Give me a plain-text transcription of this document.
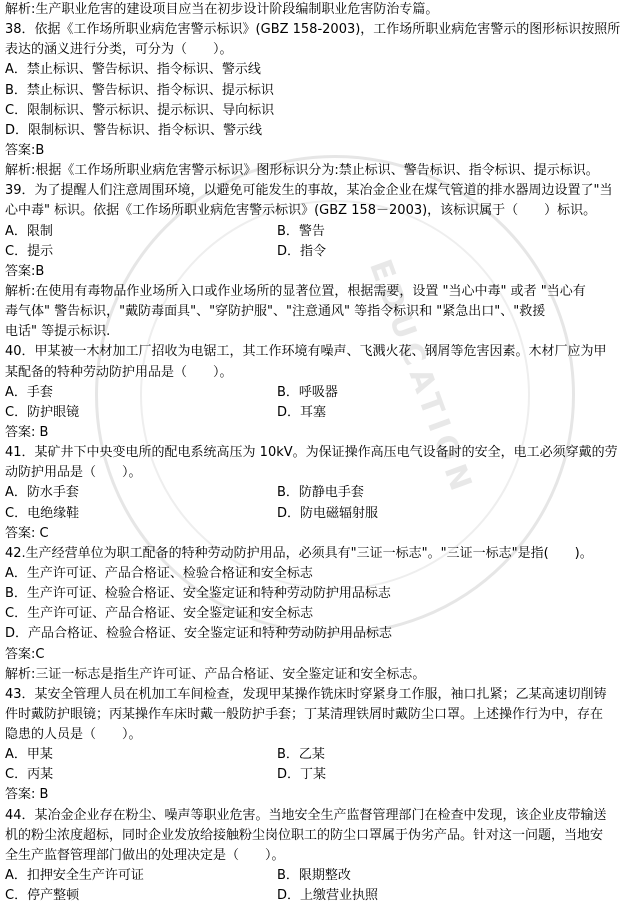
EDUCATION
解析:生产职业危害的建设项目应当在初步设计阶段编制职业危害防治专篇。
38．依据《工作场所职业病危害警示标识》(GBZ 158-2003)，工作场所职业病危害警示的图形标识按照所
表达的涵义进行分类，可分为（　　）。
A．禁止标识、警告标识、指令标识、警示线
B．禁止标识、警告标识、指令标识、提示标识
C．限制标识、警示标识、提示标识、导向标识
D．限制标识、警告标识、指令标识、警示线
答案:B
解析:根据《工作场所职业病危害警示标识》图形标识分为:禁止标识、警告标识、指令标识、提示标识。
39．为了提醒人们注意周围环境，以避免可能发生的事故，某冶金企业在煤气管道的排水器周边设置了"当
心中毒" 标识。依据《工作场所职业病危害警示标识》(GBZ 158－2003)，该标识属于（　　）标识。
A．限制	B．警告
C．提示	D．指令
答案:B
解析:在使用有毒物品作业场所入口或作业场所的显著位置，根据需要，设置 "当心中毒" 或者 "当心有
毒气体" 警告标识，"戴防毒面具"、"穿防护服"、"注意通风" 等指令标识和 "紧急出口"、"救援
电话" 等提示标识.
40．甲某被一木材加工厂招收为电锯工，其工作环境有噪声、飞溅火花、钢屑等危害因素。木材厂应为甲
某配备的特种劳动防护用品是（　　）。
A．手套	B．呼吸器
C．防护眼镜	D．耳塞
答案: B
41．某矿井下中央变电所的配电系统高压为 10kV。为保证操作高压电气设备时的安全，电工必须穿戴的劳
动防护用品是（　　）。
A．防水手套	B．防静电手套
C．电绝缘鞋	D．防电磁辐射服
答案: C
42.生产经营单位为职工配备的特种劳动防护用品，必须具有"三证一标志"。"三证一标志"是指(　　)。
A．生产许可证、产品合格证、检验合格证和安全标志
B．生产许可证、检验合格证、安全鉴定证和特种劳动防护用品标志
C．生产许可证、产品合格证、安全鉴定证和安全标志
D．产品合格证、检验合格证、安全鉴定证和特种劳动防护用品标志
答案:C
解析:三证一标志是指生产许可证、产品合格证、安全鉴定证和安全标志。
43．某安全管理人员在机加工车间检查，发现甲某操作铣床时穿紧身工作服，袖口扎紧；乙某高速切削铸
件时戴防护眼镜；丙某操作车床时戴一般防护手套；丁某清理铁屑时戴防尘口罩。上述操作行为中，存在
隐患的人员是（　　）。
A．甲某	B．乙某
C．丙某	D．丁某
答案: B
44．某冶金企业存在粉尘、噪声等职业危害。当地安全生产监督管理部门在检查中发现，该企业皮带输送
机的粉尘浓度超标，同时企业发放给接触粉尘岗位职工的防尘口罩属于伪劣产品。针对这一问题，当地安
全生产监督管理部门做出的处理决定是（　　）。
A．扣押安全生产许可证	B．限期整改
C．停产整顿	D．上缴营业执照
